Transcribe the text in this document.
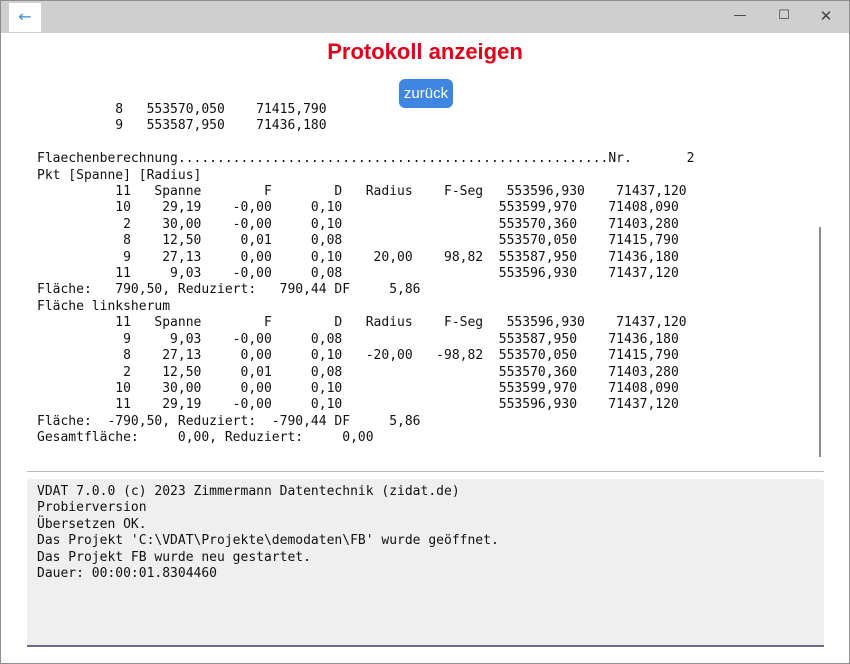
←	—	☐	✕
Protokoll anzeigen
zurück
8   553570,050    71415,790
9   553587,950    71436,180

Flaechenberechnung.......................................................Nr.       2
Pkt [Spanne] [Radius]
11   Spanne        F        D   Radius    F-Seg   553596,930    71437,120
10    29,19    -0,00     0,10                    553599,970    71408,090
2    30,00    -0,00     0,10                    553570,360    71403,280
8    12,50     0,01     0,08                    553570,050    71415,790
9    27,13     0,00     0,10    20,00    98,82  553587,950    71436,180
11     9,03    -0,00     0,08                    553596,930    71437,120
Fläche:   790,50, Reduziert:   790,44 DF     5,86
Fläche linksherum
11   Spanne        F        D   Radius    F-Seg   553596,930    71437,120
9     9,03    -0,00     0,08                    553587,950    71436,180
8    27,13     0,00     0,10   -20,00   -98,82  553570,050    71415,790
2    12,50     0,01     0,08                    553570,360    71403,280
10    30,00     0,00     0,10                    553599,970    71408,090
11    29,19    -0,00     0,10                    553596,930    71437,120
Fläche:  -790,50, Reduziert:  -790,44 DF     5,86
Gesamtfläche:     0,00, Reduziert:     0,00
VDAT 7.0.0 (c) 2023 Zimmermann Datentechnik (zidat.de)
Probierversion
Übersetzen OK.
Das Projekt 'C:\VDAT\Projekte\demodaten\FB' wurde geöffnet.
Das Projekt FB wurde neu gestartet.
Dauer: 00:00:01.8304460
